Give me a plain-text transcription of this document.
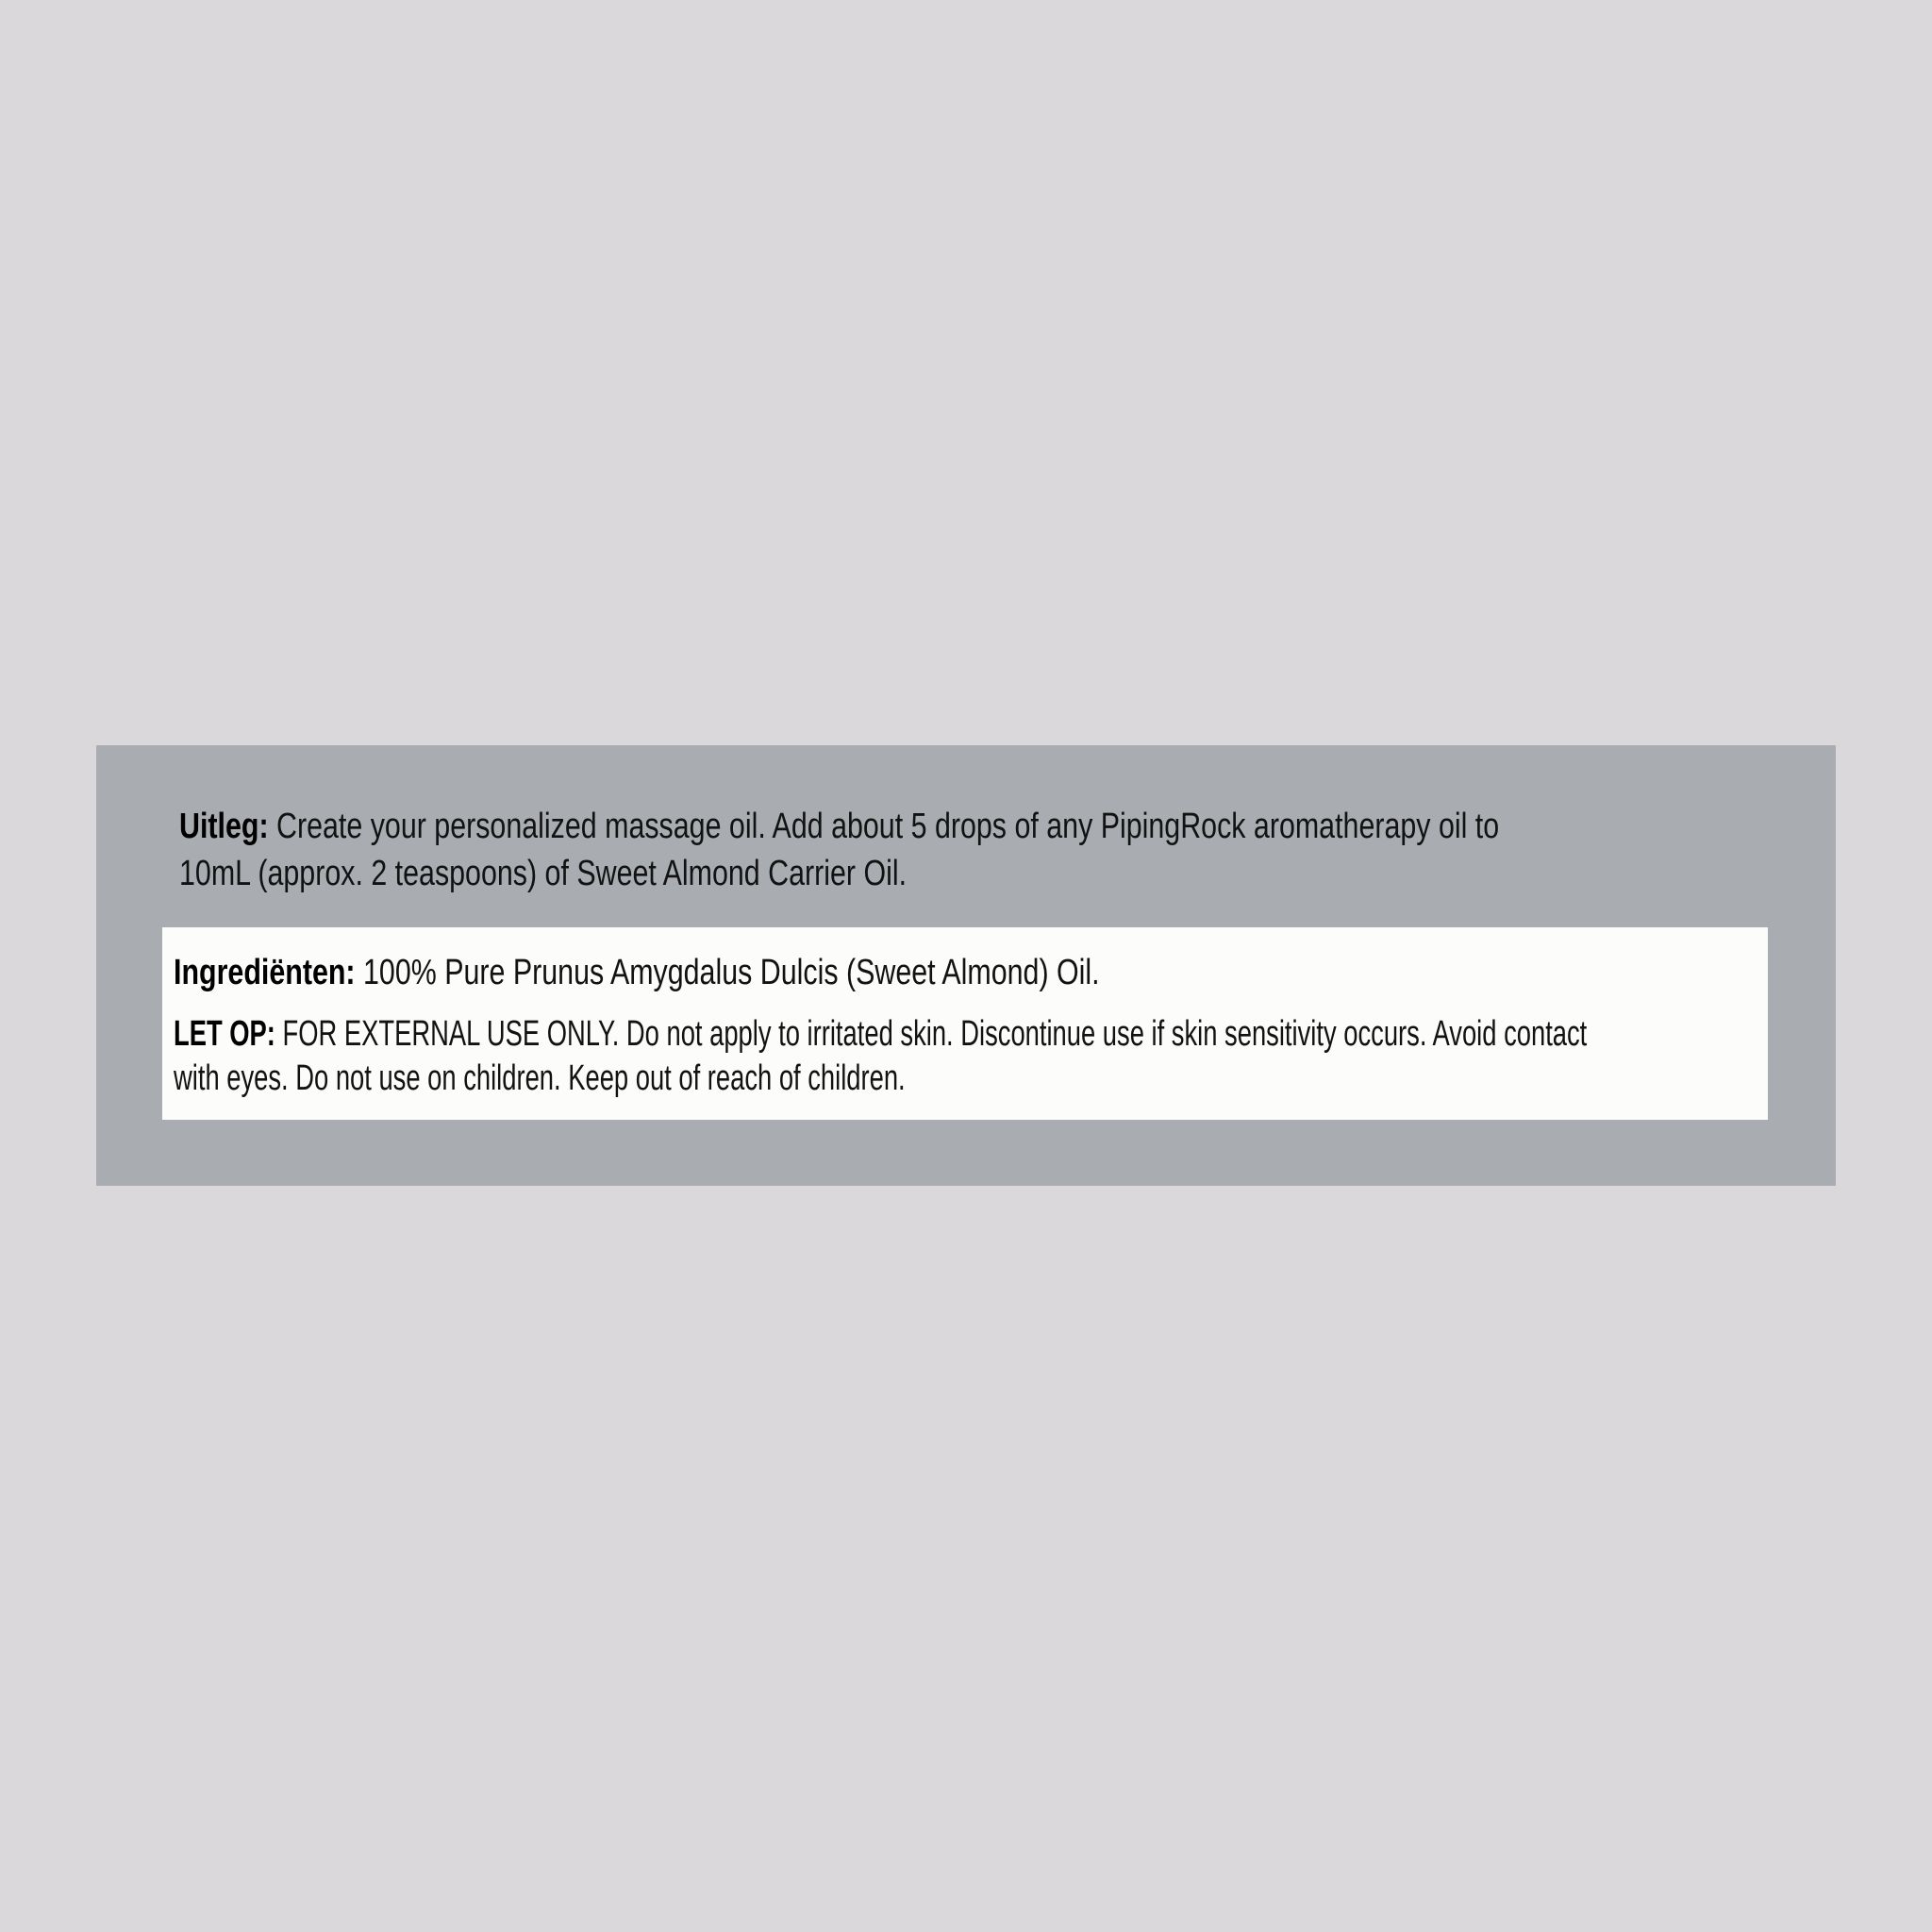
Uitleg: Create your personalized massage oil. Add about 5 drops of any PipingRock aromatherapy oil to
10mL (approx. 2 teaspoons) of Sweet Almond Carrier Oil.
Ingrediënten: 100% Pure Prunus Amygdalus Dulcis (Sweet Almond) Oil.
LET OP: FOR EXTERNAL USE ONLY. Do not apply to irritated skin. Discontinue use if skin sensitivity occurs. Avoid contact
with eyes. Do not use on children. Keep out of reach of children.
